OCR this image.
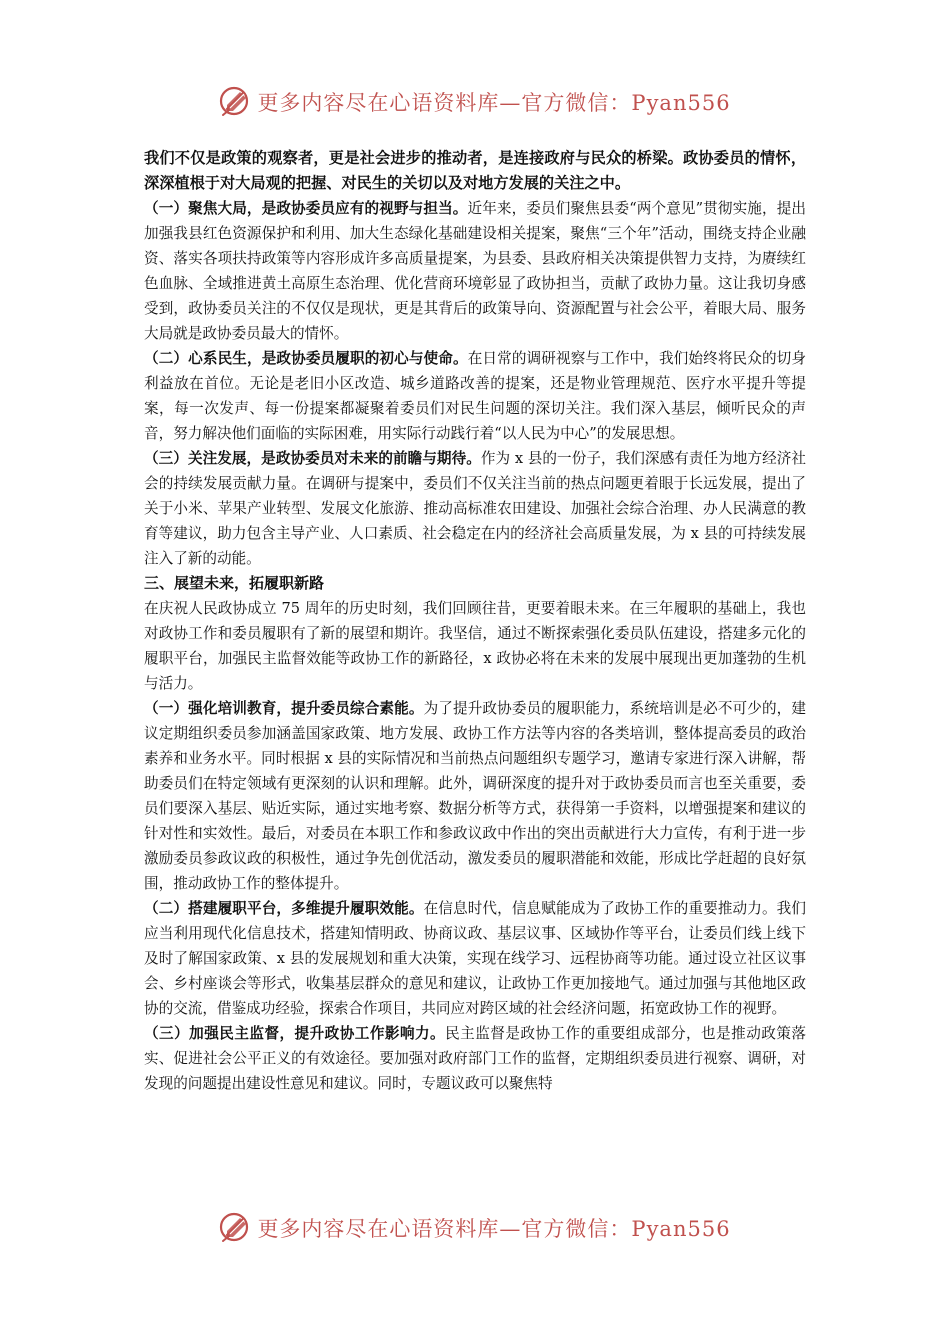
更多内容尽在心语资料库—官方微信：Pyan556

我们不仅是政策的观察者，更是社会进步的推动者，是连接政府与民众的桥梁。政协委员的情怀，深深植根于对大局观的把握、对民生的关切以及对地方发展的关注之中。

（一）聚焦大局，是政协委员应有的视野与担当。近年来，委员们聚焦县委“两个意见”贯彻实施，提出加强我县红色资源保护和利用、加大生态绿化基础建设相关提案，聚焦“三个年”活动，围绕支持企业融资、落实各项扶持政策等内容形成许多高质量提案，为县委、县政府相关决策提供智力支持，为赓续红色血脉、全域推进黄土高原生态治理、优化营商环境彰显了政协担当，贡献了政协力量。这让我切身感受到，政协委员关注的不仅仅是现状，更是其背后的政策导向、资源配置与社会公平，着眼大局、服务大局就是政协委员最大的情怀。

（二）心系民生，是政协委员履职的初心与使命。在日常的调研视察与工作中，我们始终将民众的切身利益放在首位。无论是老旧小区改造、城乡道路改善的提案，还是物业管理规范、医疗水平提升等提案，每一次发声、每一份提案都凝聚着委员们对民生问题的深切关注。我们深入基层，倾听民众的声音，努力解决他们面临的实际困难，用实际行动践行着“以人民为中心”的发展思想。

（三）关注发展，是政协委员对未来的前瞻与期待。作为 x 县的一份子，我们深感有责任为地方经济社会的持续发展贡献力量。在调研与提案中，委员们不仅关注当前的热点问题更着眼于长远发展，提出了关于小米、苹果产业转型、发展文化旅游、推动高标准农田建设、加强社会综合治理、办人民满意的教育等建议，助力包含主导产业、人口素质、社会稳定在内的经济社会高质量发展，为 x 县的可持续发展注入了新的动能。

三、展望未来，拓履职新路

在庆祝人民政协成立 75 周年的历史时刻，我们回顾往昔，更要着眼未来。在三年履职的基础上，我也对政协工作和委员履职有了新的展望和期许。我坚信，通过不断探索强化委员队伍建设，搭建多元化的履职平台，加强民主监督效能等政协工作的新路径，x 政协必将在未来的发展中展现出更加蓬勃的生机与活力。

（一）强化培训教育，提升委员综合素能。为了提升政协委员的履职能力，系统培训是必不可少的，建议定期组织委员参加涵盖国家政策、地方发展、政协工作方法等内容的各类培训，整体提高委员的政治素养和业务水平。同时根据 x 县的实际情况和当前热点问题组织专题学习，邀请专家进行深入讲解，帮助委员们在特定领域有更深刻的认识和理解。此外，调研深度的提升对于政协委员而言也至关重要，委员们要深入基层、贴近实际，通过实地考察、数据分析等方式，获得第一手资料，以增强提案和建议的针对性和实效性。最后，对委员在本职工作和参政议政中作出的突出贡献进行大力宣传，有利于进一步激励委员参政议政的积极性，通过争先创优活动，激发委员的履职潜能和效能，形成比学赶超的良好氛围，推动政协工作的整体提升。

（二）搭建履职平台，多维提升履职效能。在信息时代，信息赋能成为了政协工作的重要推动力。我们应当利用现代化信息技术，搭建知情明政、协商议政、基层议事、区域协作等平台，让委员们线上线下及时了解国家政策、x 县的发展规划和重大决策，实现在线学习、远程协商等功能。通过设立社区议事会、乡村座谈会等形式，收集基层群众的意见和建议，让政协工作更加接地气。通过加强与其他地区政协的交流，借鉴成功经验，探索合作项目，共同应对跨区域的社会经济问题，拓宽政协工作的视野。

（三）加强民主监督，提升政协工作影响力。民主监督是政协工作的重要组成部分，也是推动政策落实、促进社会公平正义的有效途径。要加强对政府部门工作的监督，定期组织委员进行视察、调研，对发现的问题提出建设性意见和建议。同时，专题议政可以聚焦特

更多内容尽在心语资料库—官方微信：Pyan556
